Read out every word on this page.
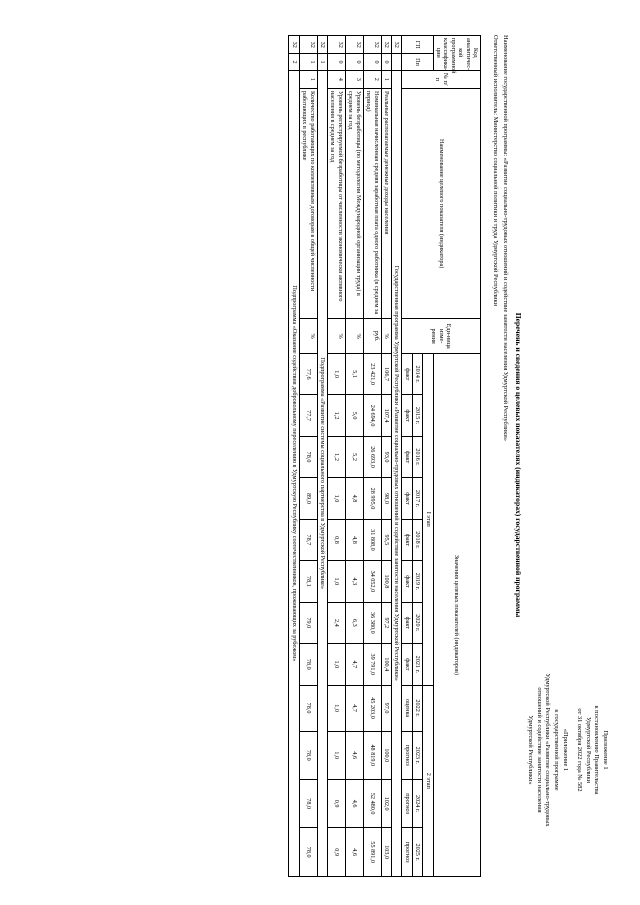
Приложение 1
к постановлению Правительства
Удмуртской Республики
от 31 октября 2022 года № 582

«Приложение 1
к государственной программе
Удмуртской Республики «Развитие социально-трудовых
отношений и содействие занятости населения
Удмуртской Республики»

Перечень и сведения о целевых показателях (индикаторах) государственной программы
Наименование государственной программы: «Развитие социально-трудовых отношений и содействие занятости населения Удмуртской Республики»
Ответственный исполнитель: Министерство социальной политики и труда Удмуртской Республики
Код аналитичес-кой программной классифика-ции		№ п/п	Наименование целевого показателя (индикатора)	Еди-ница изме-рения	Значения целевых показателей (индикаторов)											
ГП	Пп				I этап								2 этап			
					2014 г.	2015 г.	2016 г.	2017 г.	2018 г.	2019 г.	2020 г.	2021 г.	2022 г.	2023 г.	2024 г.	2025 г.
					факт	факт	факт	факт	факт	факт	факт	факт	оценка	прогноз	прогноз	прогноз
32		Государственная программа Удмуртской Республики «Развитие социально-трудовых отношений и содействие занятости населения Удмуртской Республики»														
32	0	1	Реальные располагаемые денежные доходы населения	%	106,7	107,4	93,0	98,0	95,5	100,8	97,2	100,4	97,0	100,0	102,0	103,0
32	0	2	Номинальная начисленная средняя заработная плата одного работника (в среднем за период)	руб.	23 421,0	24 694,0	26 693,0	28 995,0	31 808,0	34 052,0	36 380,0	39 791,0	45 203,0	48 819,0	52 480,0	55 891,0
32	0	3	Уровень безработицы (по методологии Международной организации труда) в среднем за год	%	5,1	5,0	5,2	4,8	4,8	4,3	6,3	4,7	4,7	4,6	4,6	4,6
32	0	4	Уровень регистрируемой безработицы от численности экономически активного населения в среднем за год	%	1,0	1,2	1,2	1,0	0,8	1,0	2,4	1,0	1,0	1,0	0,9	0,9
32	1	Подпрограмма «Развитие системы социального партнерства в Удмуртской Республике»														
32	1	1	Количество работающих по коллективным договорам в общей численности работающих в республике	%	77,6	77,7	78,0	89,0	78,7	78,1	79,0	78,0	78,0	78,0	78,0	78,0
32	2	Подпрограмма «Оказание содействия добровольному переселению в Удмуртскую Республику соотечественников, проживающих за рубежом»														
